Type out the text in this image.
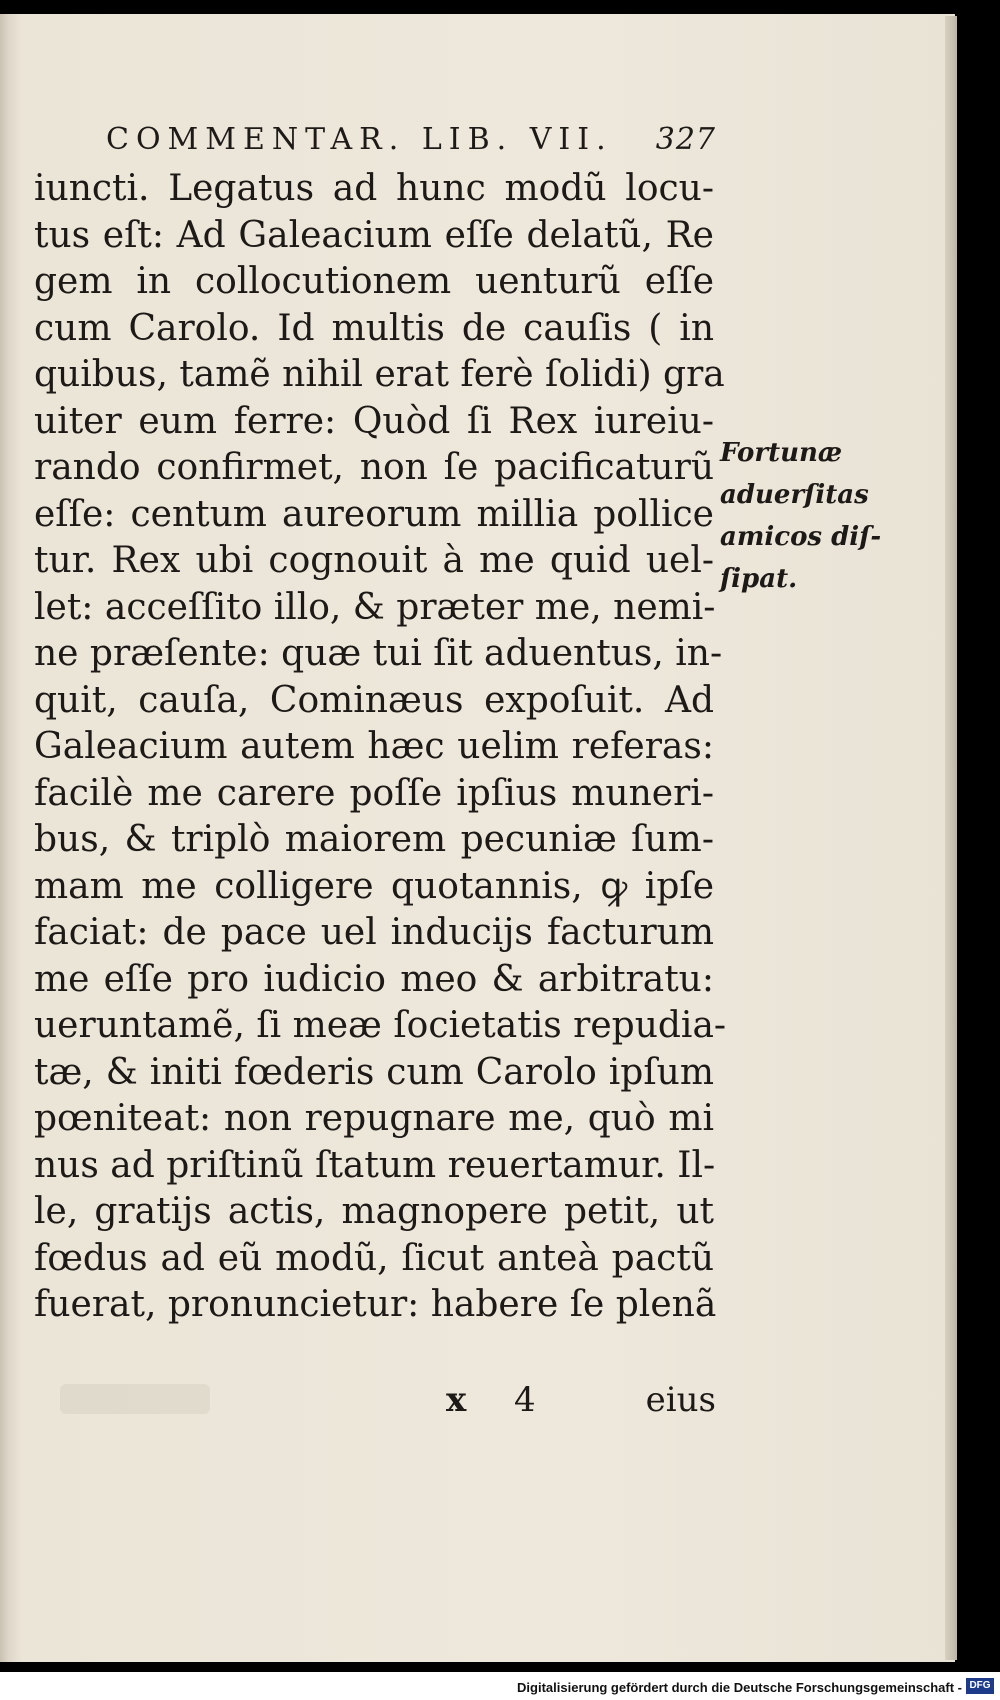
COMMENTAR. LIB. VII. 327
iuncti. Legatus ad hunc modũ locu-
tus eſt: Ad Galeacium eſſe delatũ, Re
gem in collocutionem uenturũ eſſe
cum Carolo. Id multis de cauſis ( in
quibus, tamẽ nihil erat ferè ſolidi) gra
uiter eum ferre: Quòd ſi Rex iureiu-
rando confirmet, non ſe pacificaturũ
eſſe: centum aureorum millia pollice
tur. Rex ubi cognouit à me quid uel-
let: acceſſito illo, & præter me, nemi-
ne præſente: quæ tui ſit aduentus, in-
quit, cauſa, Cominæus expoſuit. Ad
Galeacium autem hæc uelim referas:
facilè me carere poſſe ipſius muneri-
bus, & triplò maiorem pecuniæ ſum-
mam me colligere quotannis, ꝙ ipſe
faciat: de pace uel inducijs facturum
me eſſe pro iudicio meo & arbitratu:
ueruntamẽ, ſi meæ ſocietatis repudia-
tæ, & initi fœderis cum Carolo ipſum
pœniteat: non repugnare me, quò mi
nus ad priſtinũ ſtatum reuertamur. Il-
le, gratijs actis, magnopere petit, ut
fœdus ad eũ modũ, ſicut anteà pactũ
fuerat, pronuncietur: habere ſe plenã
Fortunæ
aduerſitas
amicos diſ-
ſipat.
x 4	eius
Digitalisierung gefördert durch die Deutsche Forschungsgemeinschaft - DFG
